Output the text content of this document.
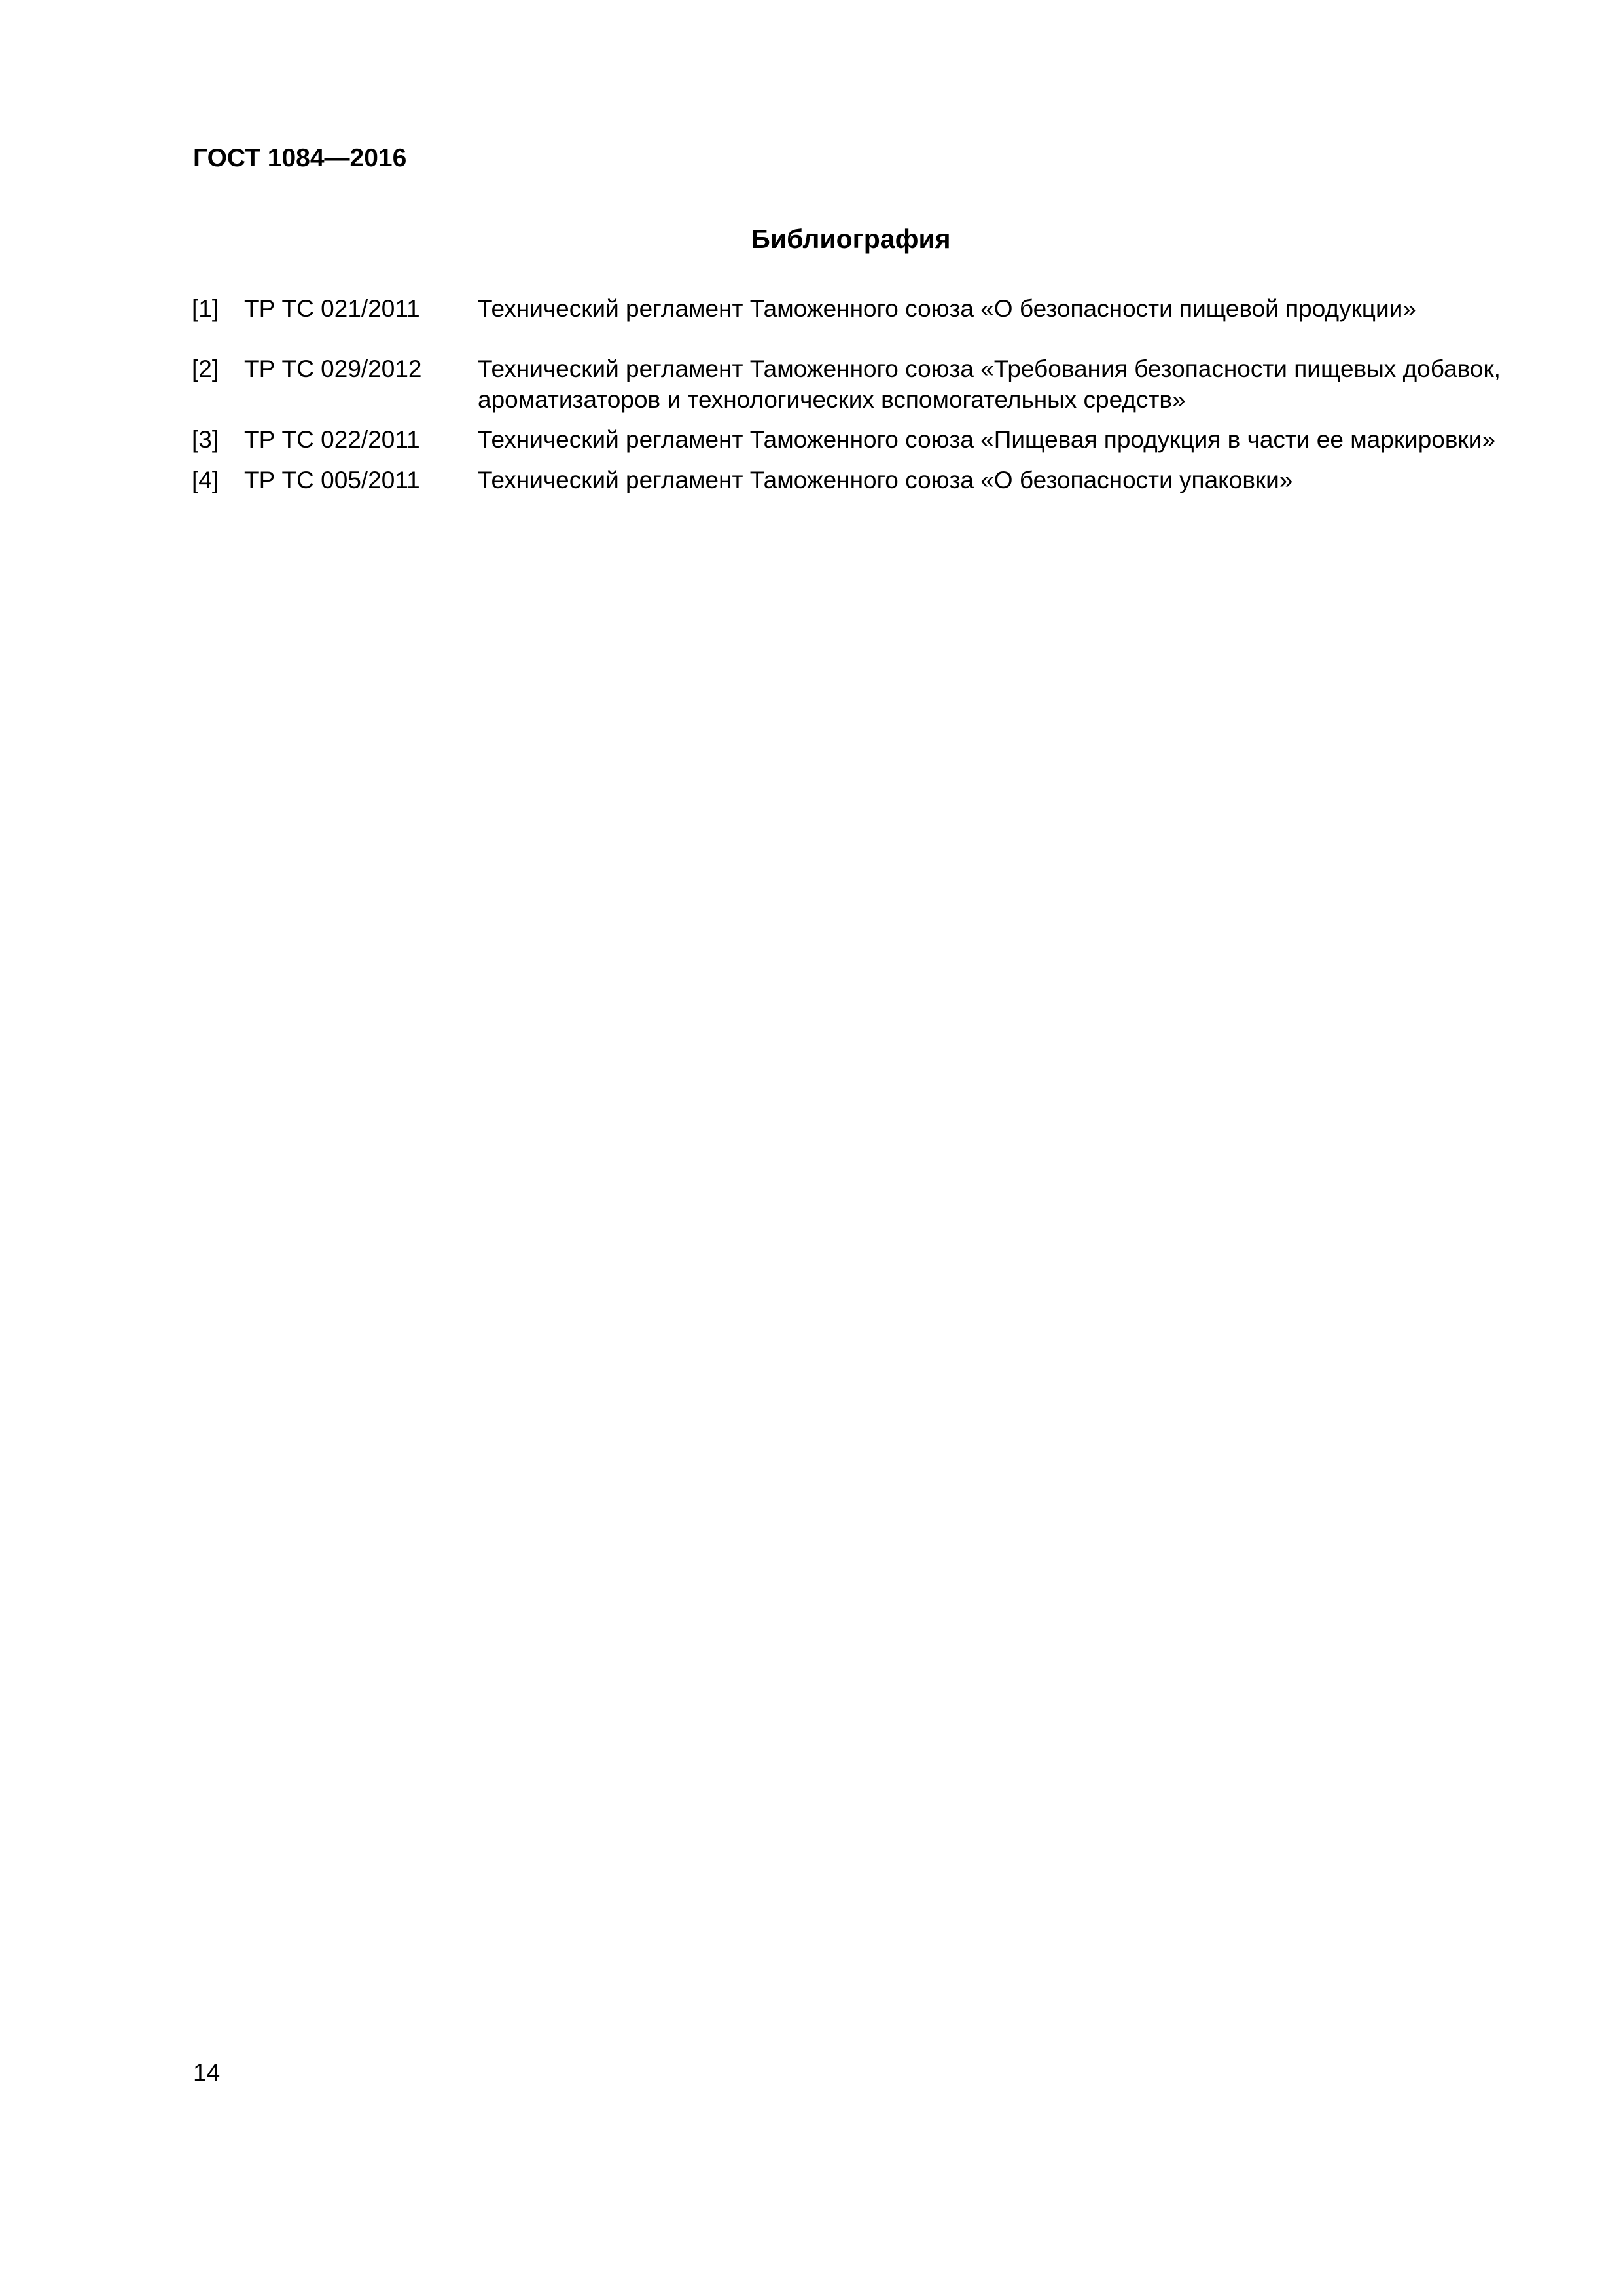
ГОСТ 1084—2016
Библиография
[1] ТР ТС 021/2011 Технический регламент Таможенного союза «О безопасности пищевой продукции»
[2] ТР ТС 029/2012 Технический регламент Таможенного союза «Требования безопасности пищевых добавок, ароматизаторов и технологических вспомогательных средств»
[3] ТР ТС 022/2011 Технический регламент Таможенного союза «Пищевая продукция в части ее маркировки»
[4] ТР ТС 005/2011 Технический регламент Таможенного союза «О безопасности упаковки»
14
